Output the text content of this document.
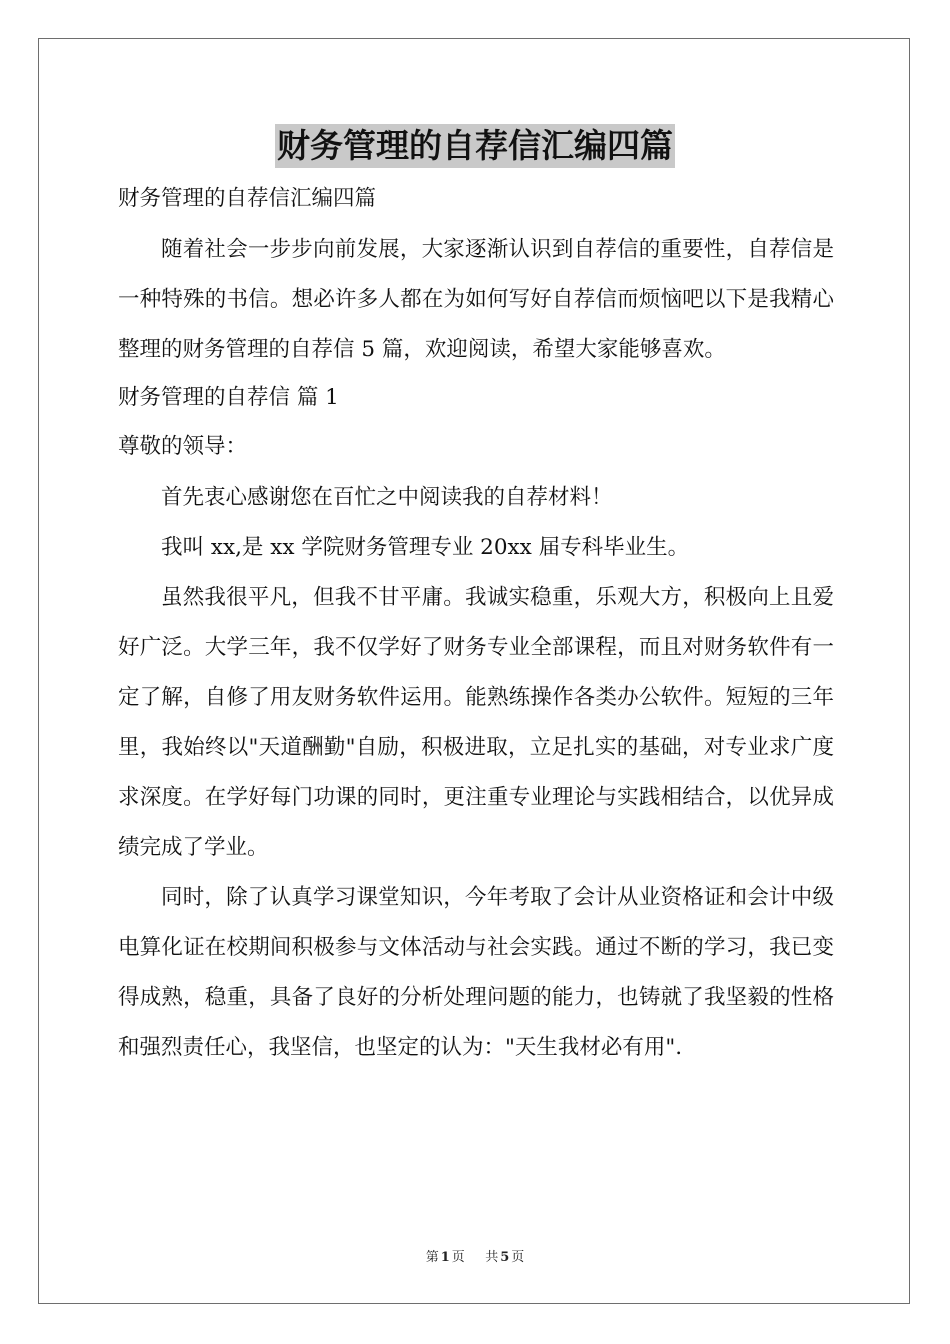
财务管理的自荐信汇编四篇

财务管理的自荐信汇编四篇

随着社会一步步向前发展，大家逐渐认识到自荐信的重要性，自荐信是一种特殊的书信。想必许多人都在为如何写好自荐信而烦恼吧以下是我精心整理的财务管理的自荐信 5 篇，欢迎阅读，希望大家能够喜欢。

财务管理的自荐信 篇 1

尊敬的领导：

首先衷心感谢您在百忙之中阅读我的自荐材料！

我叫 xx,是 xx 学院财务管理专业 20xx 届专科毕业生。

虽然我很平凡，但我不甘平庸。我诚实稳重，乐观大方，积极向上且爱好广泛。大学三年，我不仅学好了财务专业全部课程，而且对财务软件有一定了解，自修了用友财务软件运用。能熟练操作各类办公软件。短短的三年里，我始终以"天道酬勤"自励，积极进取，立足扎实的基础，对专业求广度求深度。在学好每门功课的同时，更注重专业理论与实践相结合，以优异成绩完成了学业。

同时，除了认真学习课堂知识，今年考取了会计从业资格证和会计中级电算化证在校期间积极参与文体活动与社会实践。通过不断的学习，我已变得成熟，稳重，具备了良好的分析处理问题的能力，也铸就了我坚毅的性格和强烈责任心，我坚信，也坚定的认为："天生我材必有用".

第 1 页 共 5 页
